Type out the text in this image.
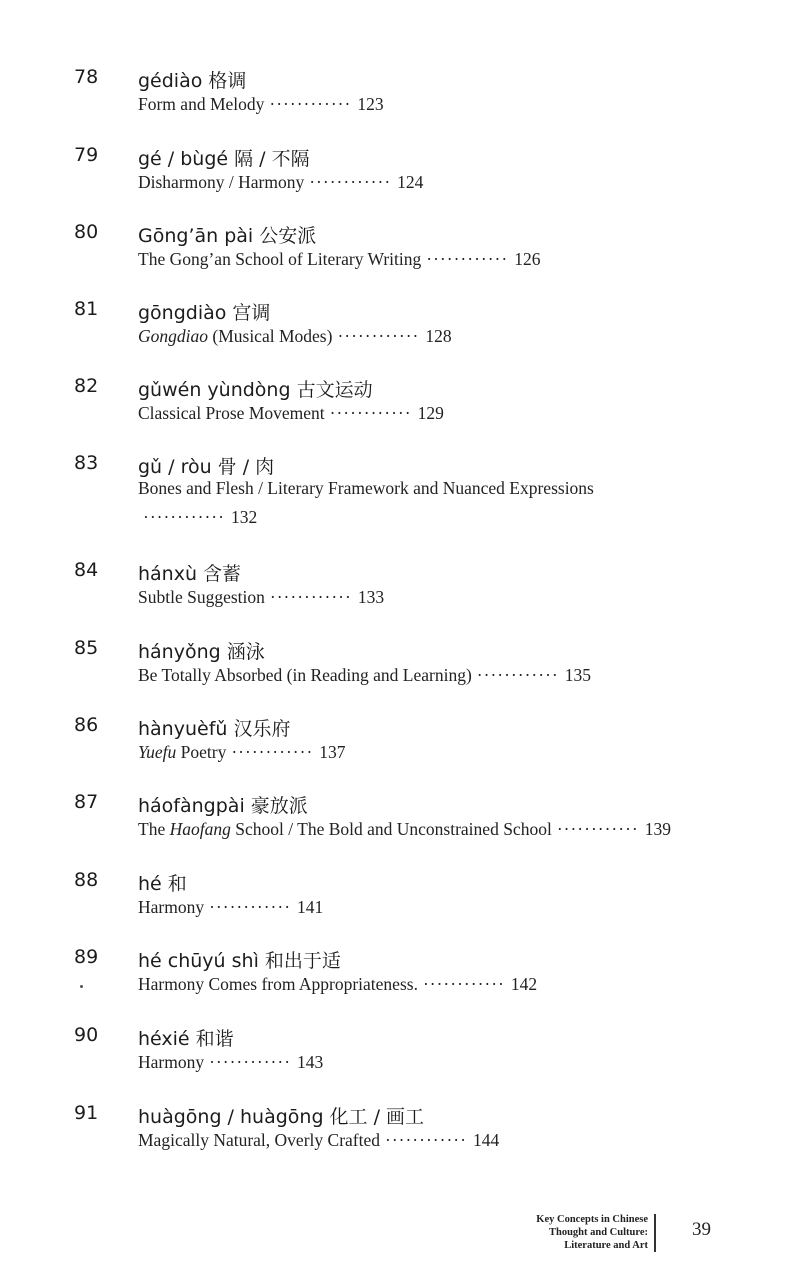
78 gédiào 格调
Form and Melody ············ 123
79 gé / bùgé 隔 / 不隔
Disharmony / Harmony ············ 124
80 Gōng’ān pài 公安派
The Gong’an School of Literary Writing ············ 126
81 gōngdiào 宫调
Gongdiao (Musical Modes) ············ 128
82 gǔwén yùndòng 古文运动
Classical Prose Movement ············ 129
83 gǔ / ròu 骨 / 肉
Bones and Flesh / Literary Framework and Nuanced Expressions ············ 132
84 hánxù 含蓄
Subtle Suggestion ············ 133
85 hányǒng 涵泳
Be Totally Absorbed (in Reading and Learning) ············ 135
86 hànyuèfǔ 汉乐府
Yuefu Poetry ············ 137
87 háofàngpài 豪放派
The Haofang School / The Bold and Unconstrained School ············ 139
88 hé 和
Harmony ············ 141
89 hé chūyú shì 和出于适
Harmony Comes from Appropriateness. ············ 142
90 héxié 和谐
Harmony ············ 143
91 huàgōng / huàgōng 化工 / 画工
Magically Natural, Overly Crafted ············ 144
Key Concepts in Chinese
Thought and Culture:
Literature and Art
39
